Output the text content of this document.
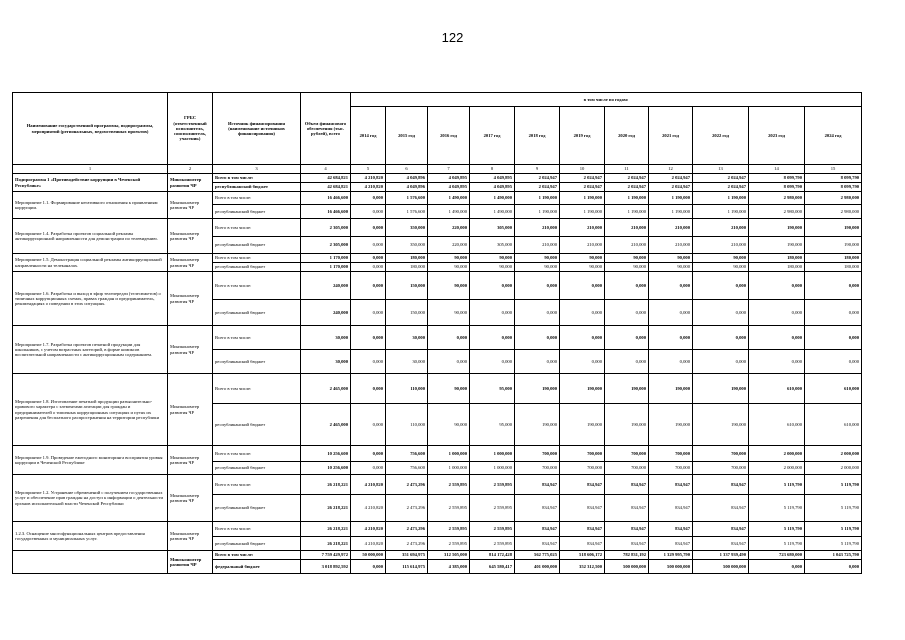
122
Наименование государственной программы, подпрограммы, мероприятий (региональных, ведомственных проектов)	ГРБС (ответственный исполнитель, соисполнитель, участник)	Источник финансирования (наименование источников финансирования)	Объем финансового обеспечения (тыс. рублей), всего	в том числе по годам:										
				2014 год	2015 год	2016 год	2017 год	2018 год	2019 год	2020 год	2021 год	2022 год	2023 год	2024 год
1	2	3	4	5	6	7	8	9	10	11	12	13	14	15
Подпрограмма 1 «Противодействие коррупции в Чеченской Республике»	Минэкономтер развития ЧР	Всего в том числе:	42 684,821	4 210,820	4 049,896	4 049,895	4 049,895	2 024,947	2 024,947	2 024,947	2 024,947	2 024,947	8 099,790	8 099,790
		республиканский бюджет	42 684,821	4 210,820	4 049,896	4 049,895	4 049,895	2 024,947	2 024,947	2 024,947	2 024,947	2 024,947	8 099,790	8 099,790
Мероприятие 1.1. Формирование негативного отношения к проявлениям коррупции.	Минэкономтер развития ЧР	Всего в том числе:	16 466,600	0,000	1 576,600	1 490,000	1 490,000	1 190,000	1 190,000	1 190,000	1 190,000	1 190,000	2 980,000	2 980,000
		республиканский бюджет	16 466,600	0,000	1 576,600	1 490,000	1 490,000	1 190,000	1 190,000	1 190,000	1 190,000	1 190,000	2 980,000	2 980,000
Мероприятие 1.4. Разработка проектов социальной рекламы антикоррупционной направленности для демонстрации по телевидению.	Минэкономтер развития ЧР	Всего в том числе:	2 305,000	0,000	350,000	220,000	305,000	210,000	210,000	210,000	210,000	210,000	190,000	190,000
		республиканский бюджет	2 305,000	0,000	350,000	220,000	305,000	210,000	210,000	210,000	210,000	210,000	190,000	190,000
Мероприятие 1.5. Демонстрация социальной рекламы антикоррупционной направленности на телеканалах.	Минэкономтер развития ЧР	Всего в том числе:	1 170,000	0,000	180,000	90,000	90,000	90,000	90,000	90,000	90,000	90,000	180,000	180,000
		республиканский бюджет	1 170,000	0,000	180,000	90,000	90,000	90,000	90,000	90,000	90,000	90,000	180,000	180,000
Мероприятие 1.6. Разработка и выход в эфир телепередач (телесюжетов) о типичных коррупционных схемах, правах граждан и предприниматель, рекомендациях о поведении в этих ситуациях.	Минэкономтер развития ЧР	Всего в том числе:	240,000	0,000	150,000	90,000	0,000	0,000	0,000	0,000	0,000	0,000	0,000	0,000
		республиканский бюджет	240,000	0,000	150,000	90,000	0,000	0,000	0,000	0,000	0,000	0,000	0,000	0,000
Мероприятие 1.7. Разработка проектов печатной продукции для школьников, с учетом возрастных категорий, в форме комиксов воспитательной направленности с антикоррупционным содержанием.	Минэкономтер развития ЧР	Всего в том числе:	30,000	0,000	30,000	0,000	0,000	0,000	0,000	0,000	0,000	0,000	0,000	0,000
		республиканский бюджет	30,000	0,000	30,000	0,000	0,000	0,000	0,000	0,000	0,000	0,000	0,000	0,000
Мероприятие 1.8. Изготовление печатной продукции разъяснительно-правового характера с элементами агитации для граждан и предпринимателей о типичных коррупционных ситуациях и путях их разрешения для бесплатного распространения на территории республики	Минэкономтер развития ЧР	Всего в том числе:	2 465,000	0,000	110,000	90,000	95,000	190,000	190,000	190,000	190,000	190,000	610,000	610,000
		республиканский бюджет	2 465,000	0,000	110,000	90,000	95,000	190,000	190,000	190,000	190,000	190,000	610,000	610,000
Мероприятие 1.9. Проведение ежегодного мониторинга восприятия уровня коррупции в Чеченской Республике	Минэкономтер развития ЧР	Всего в том числе:	10 256,600	0,000	756,600	1 000,000	1 000,000	700,000	700,000	700,000	700,000	700,000	2 000,000	2 000,000
		республиканский бюджет	10 256,600	0,000	756,600	1 000,000	1 000,000	700,000	700,000	700,000	700,000	700,000	2 000,000	2 000,000
Мероприятие 1.2. Устранение обременений с получением государственных услуг и обеспечение прав граждан на доступ к информации о деятельности органов исполнительной власти Чеченской Республики	Минэкономтер развития ЧР	Всего в том числе:	26 218,221	4 210,820	2 473,296	2 559,895	2 559,895	834,947	834,947	834,947	834,947	834,947	5 119,790	5 119,790
		республиканский бюджет	26 218,221	4 210,820	2 473,296	2 559,895	2 559,895	834,947	834,947	834,947	834,947	834,947	5 119,790	5 119,790
1.2.3. Оснащение многофункциональных центров предоставления государственных и муниципальных услуг.	Минэкономтер развития ЧР	Всего в том числе:	26 218,221	4 210,820	2 473,296	2 559,895	2 559,895	834,947	834,947	834,947	834,947	834,947	5 119,790	5 119,790
		республиканский бюджет	26 218,221	4 210,820	2 473,296	2 559,895	2 559,895	834,947	834,947	834,947	834,947	834,947	5 119,790	5 119,790
	Минэкономтер развития ЧР	Всего в том числе:	7 759 429,972	50 000,000	351 694,975	312 505,000	814 172,428	562 775,025	518 606,172	782 831,192	1 329 995,790	1 337 939,490	723 680,000	1 043 725,790
		федеральный бюджет	3 018 892,592	0,000	115 614,975	4 385,000	645 580,417	401 000,000	352 312,500	500 000,000	500 000,000	500 000,000	0,000	0,000
